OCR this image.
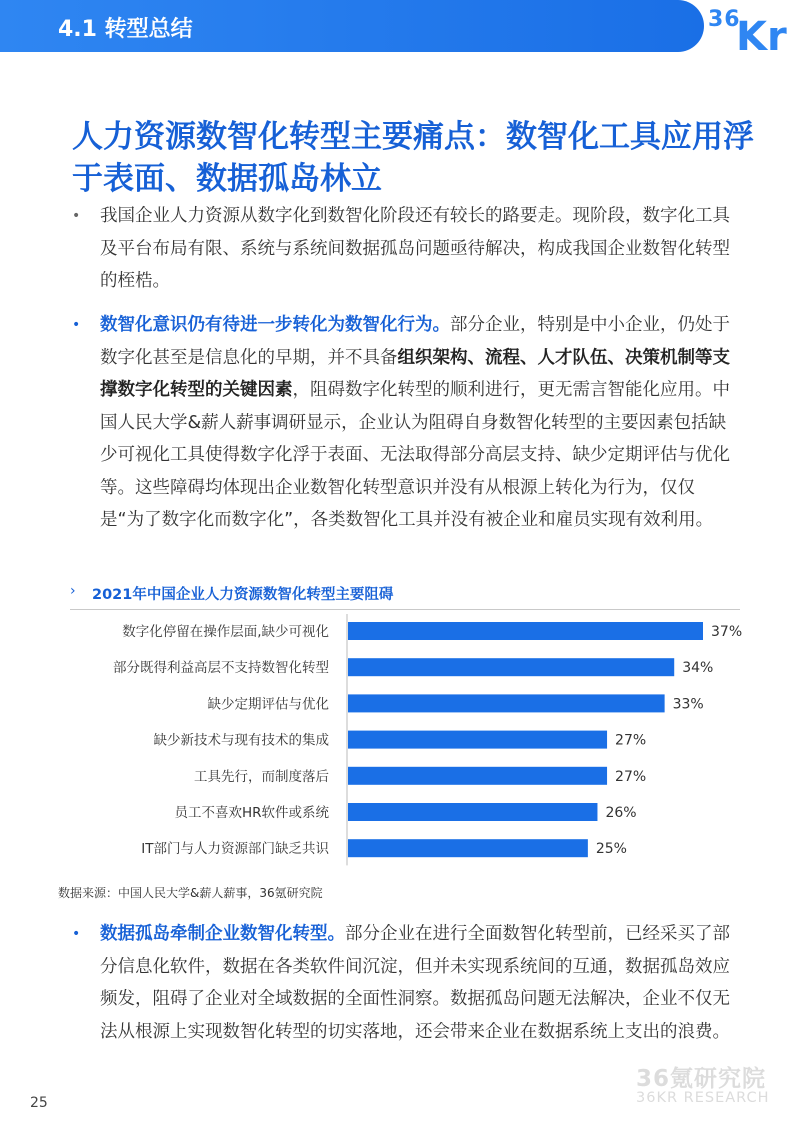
4.1 转型总结	36
Kr
人力资源数智化转型主要痛点：数智化工具应用浮于表面、数据孤岛林立
• 我国企业人力资源从数字化到数智化阶段还有较长的路要走。现阶段，数字化工具及平台布局有限、系统与系统间数据孤岛问题亟待解决，构成我国企业数智化转型的桎梏。

• 数智化意识仍有待进一步转化为数智化行为。部分企业，特别是中小企业，仍处于数字化甚至是信息化的早期，并不具备组织架构、流程、人才队伍、决策机制等支撑数字化转型的关键因素，阻碍数字化转型的顺利进行，更无需言智能化应用。中国人民大学&薪人薪事调研显示，企业认为阻碍自身数智化转型的主要因素包括缺少可视化工具使得数字化浮于表面、无法取得部分高层支持、缺少定期评估与优化等。这些障碍均体现出企业数智化转型意识并没有从根源上转化为行为，仅仅是“为了数字化而数字化”，各类数智化工具并没有被企业和雇员实现有效利用。

› 2021年中国企业人力资源数智化转型主要阻碍
数字化停留在操作层面,缺少可视化	37%
部分既得利益高层不支持数智化转型	34%
缺少定期评估与优化	33%
缺少新技术与现有技术的集成	27%
工具先行，而制度落后	27%
员工不喜欢HR软件或系统	26%
IT部门与人力资源部门缺乏共识	25%
数据来源：中国人民大学&薪人薪事，36氪研究院
• 数据孤岛牵制企业数智化转型。部分企业在进行全面数智化转型前，已经采买了部分信息化软件，数据在各类软件间沉淀，但并未实现系统间的互通，数据孤岛效应频发，阻碍了企业对全域数据的全面性洞察。数据孤岛问题无法解决，企业不仅无法从根源上实现数智化转型的切实落地，还会带来企业在数据系统上支出的浪费。

36氪研究院
36KR RESEARCH
25
